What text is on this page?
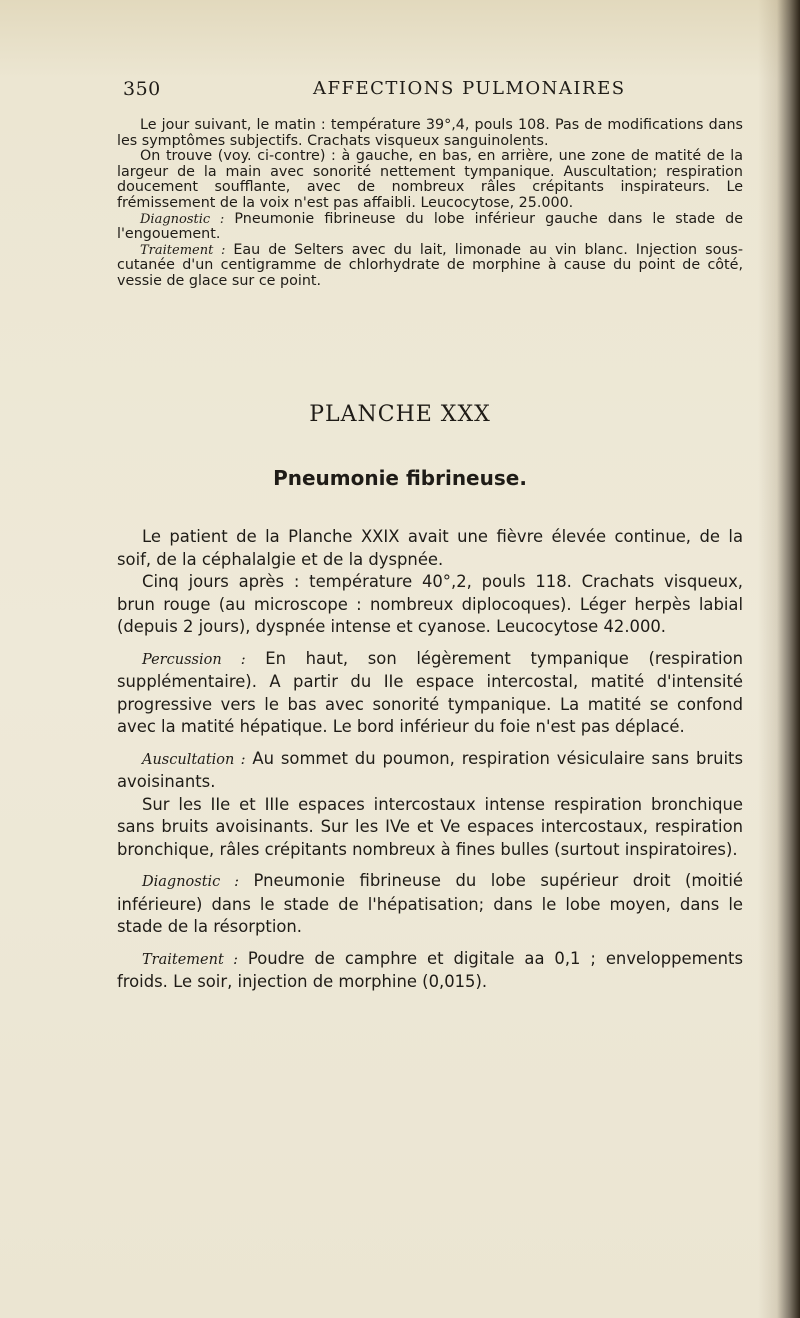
350	AFFECTIONS PULMONAIRES

Le jour suivant, le matin : température 39°,4, pouls 108. Pas de modifications dans les symptômes subjectifs. Crachats visqueux sanguinolents.

On trouve (voy. ci-contre) : à gauche, en bas, en arrière, une zone de matité de la largeur de la main avec sonorité nettement tympanique. Auscultation; respiration doucement soufflante, avec de nombreux râles crépitants inspirateurs. Le frémissement de la voix n'est pas affaibli. Leucocytose, 25.000.

Diagnostic : Pneumonie fibrineuse du lobe inférieur gauche dans le stade de l'engouement.

Traitement : Eau de Selters avec du lait, limonade au vin blanc. Injection sous-cutanée d'un centigramme de chlorhydrate de morphine à cause du point de côté, vessie de glace sur ce point.

PLANCHE XXX
Pneumonie fibrineuse.

Le patient de la Planche XXIX avait une fièvre élevée continue, de la soif, de la céphalalgie et de la dyspnée.

Cinq jours après : température 40°,2, pouls 118. Crachats visqueux, brun rouge (au microscope : nombreux diplocoques). Léger herpès labial (depuis 2 jours), dyspnée intense et cyanose. Leucocytose 42.000.

Percussion : En haut, son légèrement tympanique (respiration supplémentaire). A partir du IIe espace intercostal, matité d'intensité progressive vers le bas avec sonorité tympanique. La matité se confond avec la matité hépatique. Le bord inférieur du foie n'est pas déplacé.

Auscultation : Au sommet du poumon, respiration vésiculaire sans bruits avoisinants.

Sur les IIe et IIIe espaces intercostaux intense respiration bronchique sans bruits avoisinants. Sur les IVe et Ve espaces intercostaux, respiration bronchique, râles crépitants nombreux à fines bulles (surtout inspiratoires).

Diagnostic : Pneumonie fibrineuse du lobe supérieur droit (moitié inférieure) dans le stade de l'hépatisation; dans le lobe moyen, dans le stade de la résorption.

Traitement : Poudre de camphre et digitale aa 0,1 ; enveloppements froids. Le soir, injection de morphine (0,015).
